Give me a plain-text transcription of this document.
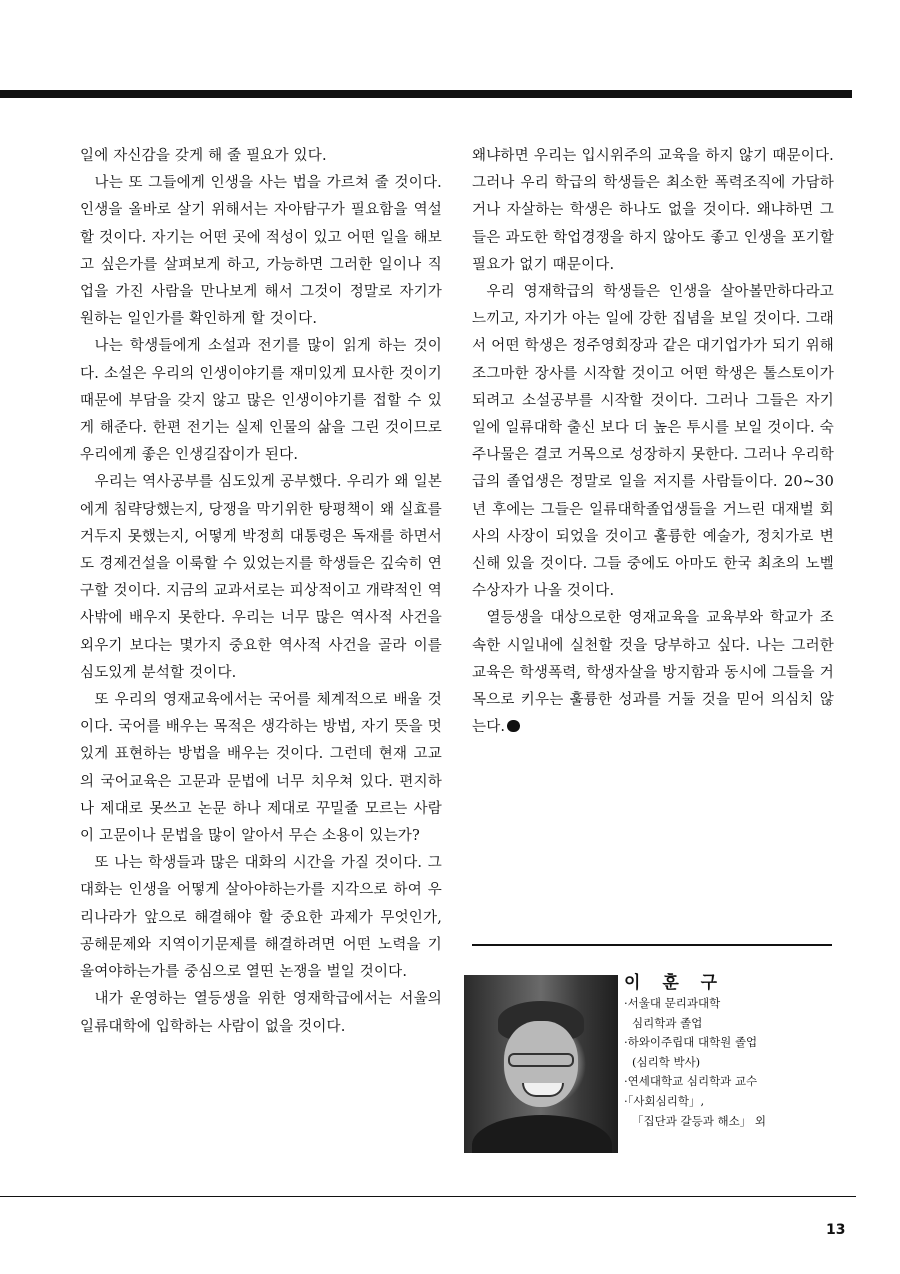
일에 자신감을 갖게 해 줄 필요가 있다.

나는 또 그들에게 인생을 사는 법을 가르쳐 줄 것이다. 인생을 올바로 살기 위해서는 자아탐구가 필요함을 역설할 것이다. 자기는 어떤 곳에 적성이 있고 어떤 일을 해보고 싶은가를 살펴보게 하고, 가능하면 그러한 일이나 직업을 가진 사람을 만나보게 해서 그것이 정말로 자기가 원하는 일인가를 확인하게 할 것이다.

나는 학생들에게 소설과 전기를 많이 읽게 하는 것이다. 소설은 우리의 인생이야기를 재미있게 묘사한 것이기 때문에 부담을 갖지 않고 많은 인생이야기를 접할 수 있게 해준다. 한편 전기는 실제 인물의 삶을 그린 것이므로 우리에게 좋은 인생길잡이가 된다.

우리는 역사공부를 심도있게 공부했다. 우리가 왜 일본에게 침략당했는지, 당쟁을 막기위한 탕평책이 왜 실효를 거두지 못했는지, 어떻게 박정희 대통령은 독재를 하면서도 경제건설을 이룩할 수 있었는지를 학생들은 깊숙히 연구할 것이다. 지금의 교과서로는 피상적이고 개략적인 역사밖에 배우지 못한다. 우리는 너무 많은 역사적 사건을 외우기 보다는 몇가지 중요한 역사적 사건을 골라 이를 심도있게 분석할 것이다.

또 우리의 영재교육에서는 국어를 체계적으로 배울 것이다. 국어를 배우는 목적은 생각하는 방법, 자기 뜻을 멋있게 표현하는 방법을 배우는 것이다. 그런데 현재 고교의 국어교육은 고문과 문법에 너무 치우쳐 있다. 편지하나 제대로 못쓰고 논문 하나 제대로 꾸밀줄 모르는 사람이 고문이나 문법을 많이 알아서 무슨 소용이 있는가?

또 나는 학생들과 많은 대화의 시간을 가질 것이다. 그 대화는 인생을 어떻게 살아야하는가를 지각으로 하여 우리나라가 앞으로 해결해야 할 중요한 과제가 무엇인가, 공해문제와 지역이기문제를 해결하려면 어떤 노력을 기울여야하는가를 중심으로 열띤 논쟁을 벌일 것이다.

내가 운영하는 열등생을 위한 영재학급에서는 서울의 일류대학에 입학하는 사람이 없을 것이다.

왜냐하면 우리는 입시위주의 교육을 하지 않기 때문이다. 그러나 우리 학급의 학생들은 최소한 폭력조직에 가담하거나 자살하는 학생은 하나도 없을 것이다. 왜냐하면 그들은 과도한 학업경쟁을 하지 않아도 좋고 인생을 포기할 필요가 없기 때문이다.

우리 영재학급의 학생들은 인생을 살아볼만하다라고 느끼고, 자기가 아는 일에 강한 집념을 보일 것이다. 그래서 어떤 학생은 정주영회장과 같은 대기업가가 되기 위해 조그마한 장사를 시작할 것이고 어떤 학생은 톨스토이가 되려고 소설공부를 시작할 것이다. 그러나 그들은 자기 일에 일류대학 출신 보다 더 높은 투시를 보일 것이다. 숙주나물은 결코 거목으로 성장하지 못한다. 그러나 우리학급의 졸업생은 정말로 일을 저지를 사람들이다. 20~30년 후에는 그들은 일류대학졸업생들을 거느린 대재벌 회사의 사장이 되었을 것이고 훌륭한 예술가, 정치가로 변신해 있을 것이다. 그들 중에도 아마도 한국 최초의 노벨 수상자가 나올 것이다.

열등생을 대상으로한 영재교육을 교육부와 학교가 조속한 시일내에 실천할 것을 당부하고 싶다. 나는 그러한 교육은 학생폭력, 학생자살을 방지함과 동시에 그들을 거목으로 키우는 훌륭한 성과를 거둘 것을 믿어 의심치 않는다.

이 훈 구
·서울대 문리과대학
심리학과 졸업
·하와이주립대 대학원 졸업
(심리학 박사)
·연세대학교 심리학과 교수
·「사회심리학」,
「집단과 갈등과 해소」 외
13
